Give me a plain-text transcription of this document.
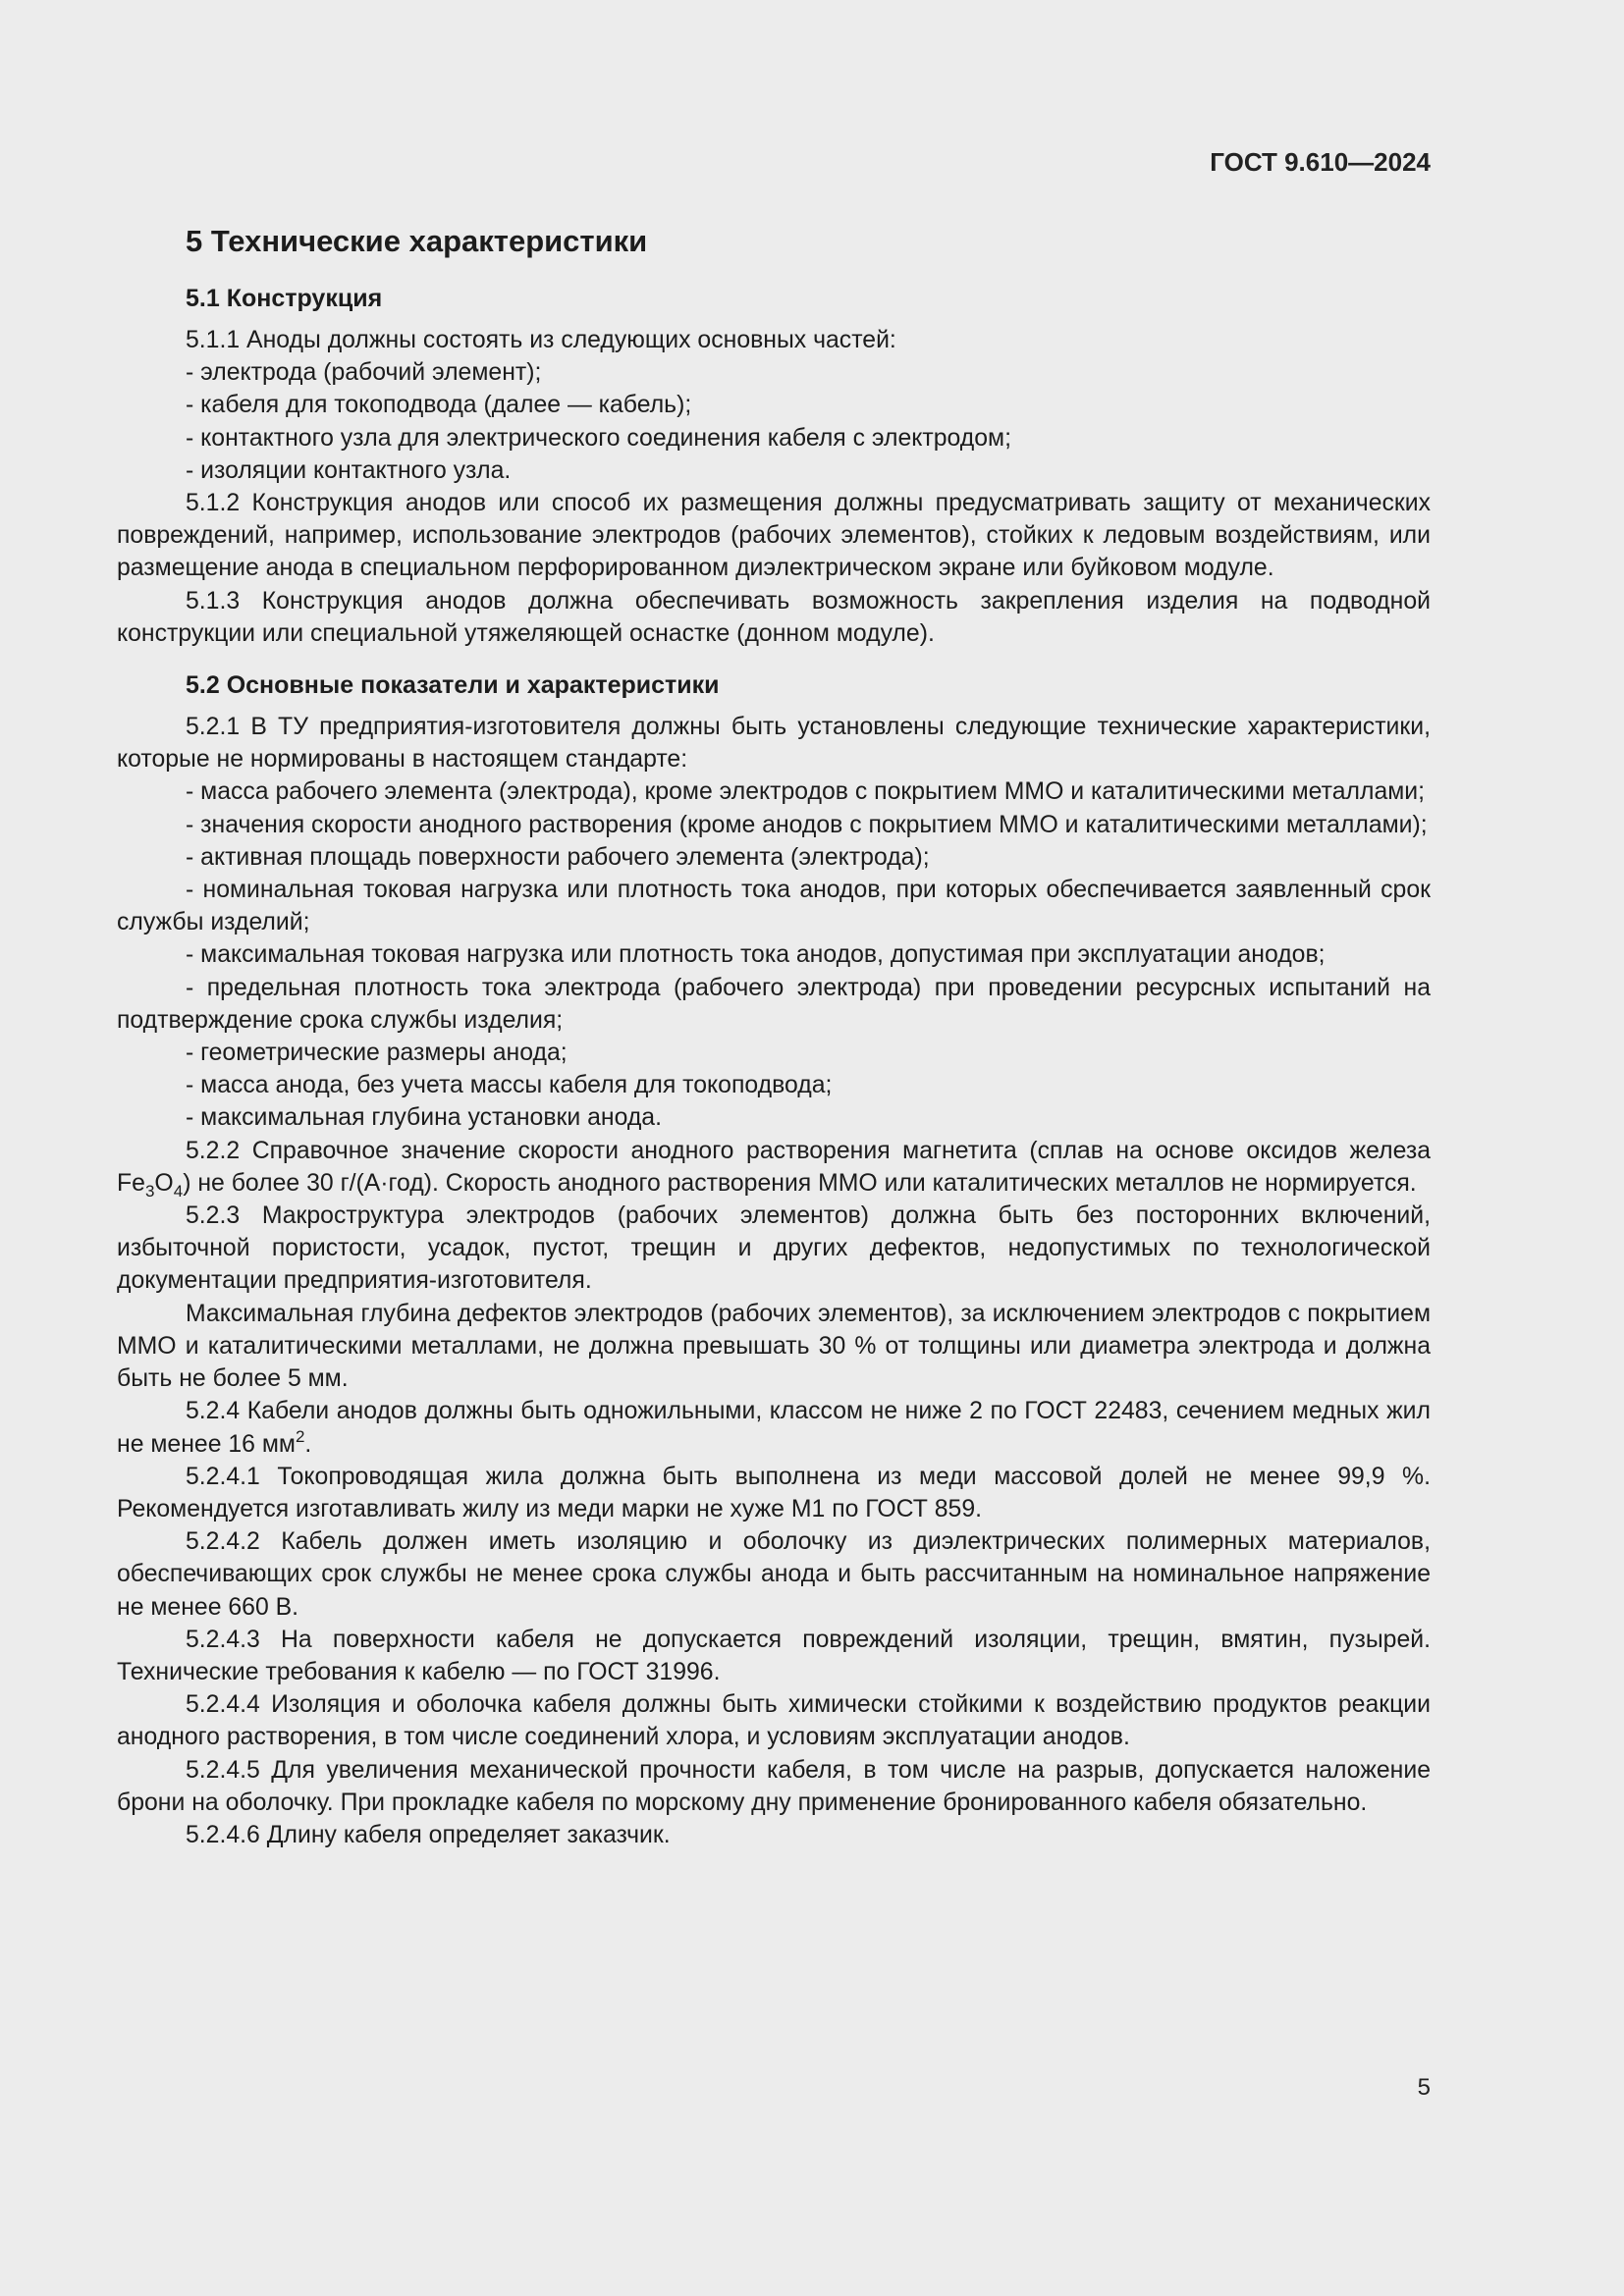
ГОСТ 9.610—2024
5 Технические характеристики
5.1 Конструкция

5.1.1 Аноды должны состоять из следующих основных частей:

- электрода (рабочий элемент);

- кабеля для токоподвода (далее — кабель);

- контактного узла для электрического соединения кабеля с электродом;

- изоляции контактного узла.

5.1.2 Конструкция анодов или способ их размещения должны предусматривать защиту от механических повреждений, например, использование электродов (рабочих элементов), стойких к ледовым воздействиям, или размещение анода в специальном перфорированном диэлектрическом экране или буйковом модуле.

5.1.3 Конструкция анодов должна обеспечивать возможность закрепления изделия на подводной конструкции или специальной утяжеляющей оснастке (донном модуле).

5.2 Основные показатели и характеристики

5.2.1 В ТУ предприятия-изготовителя должны быть установлены следующие технические характеристики, которые не нормированы в настоящем стандарте:

- масса рабочего элемента (электрода), кроме электродов с покрытием ММО и каталитическими металлами;

- значения скорости анодного растворения (кроме анодов с покрытием ММО и каталитическими металлами);

- активная площадь поверхности рабочего элемента (электрода);

- номинальная токовая нагрузка или плотность тока анодов, при которых обеспечивается заявленный срок службы изделий;

- максимальная токовая нагрузка или плотность тока анодов, допустимая при эксплуатации анодов;

- предельная плотность тока электрода (рабочего электрода) при проведении ресурсных испытаний на подтверждение срока службы изделия;

- геометрические размеры анода;

- масса анода, без учета массы кабеля для токоподвода;

- максимальная глубина установки анода.

5.2.2 Справочное значение скорости анодного растворения магнетита (сплав на основе оксидов железа $Fe_3O_4$) не более 30 г/(А·год). Скорость анодного растворения ММО или каталитических металлов не нормируется.

5.2.3 Макроструктура электродов (рабочих элементов) должна быть без посторонних включений, избыточной пористости, усадок, пустот, трещин и других дефектов, недопустимых по технологической документации предприятия-изготовителя.

Максимальная глубина дефектов электродов (рабочих элементов), за исключением электродов с покрытием ММО и каталитическими металлами, не должна превышать 30 % от толщины или диаметра электрода и должна быть не более 5 мм.

5.2.4 Кабели анодов должны быть одножильными, классом не ниже 2 по ГОСТ 22483, сечением медных жил не менее 16 $мм^2$.

5.2.4.1 Токопроводящая жила должна быть выполнена из меди массовой долей не менее 99,9 %. Рекомендуется изготавливать жилу из меди марки не хуже М1 по ГОСТ 859.

5.2.4.2 Кабель должен иметь изоляцию и оболочку из диэлектрических полимерных материалов, обеспечивающих срок службы не менее срока службы анода и быть рассчитанным на номинальное напряжение не менее 660 В.

5.2.4.3 На поверхности кабеля не допускается повреждений изоляции, трещин, вмятин, пузырей. Технические требования к кабелю — по ГОСТ 31996.

5.2.4.4 Изоляция и оболочка кабеля должны быть химически стойкими к воздействию продуктов реакции анодного растворения, в том числе соединений хлора, и условиям эксплуатации анодов.

5.2.4.5 Для увеличения механической прочности кабеля, в том числе на разрыв, допускается наложение брони на оболочку. При прокладке кабеля по морскому дну применение бронированного кабеля обязательно.

5.2.4.6 Длину кабеля определяет заказчик.

5
